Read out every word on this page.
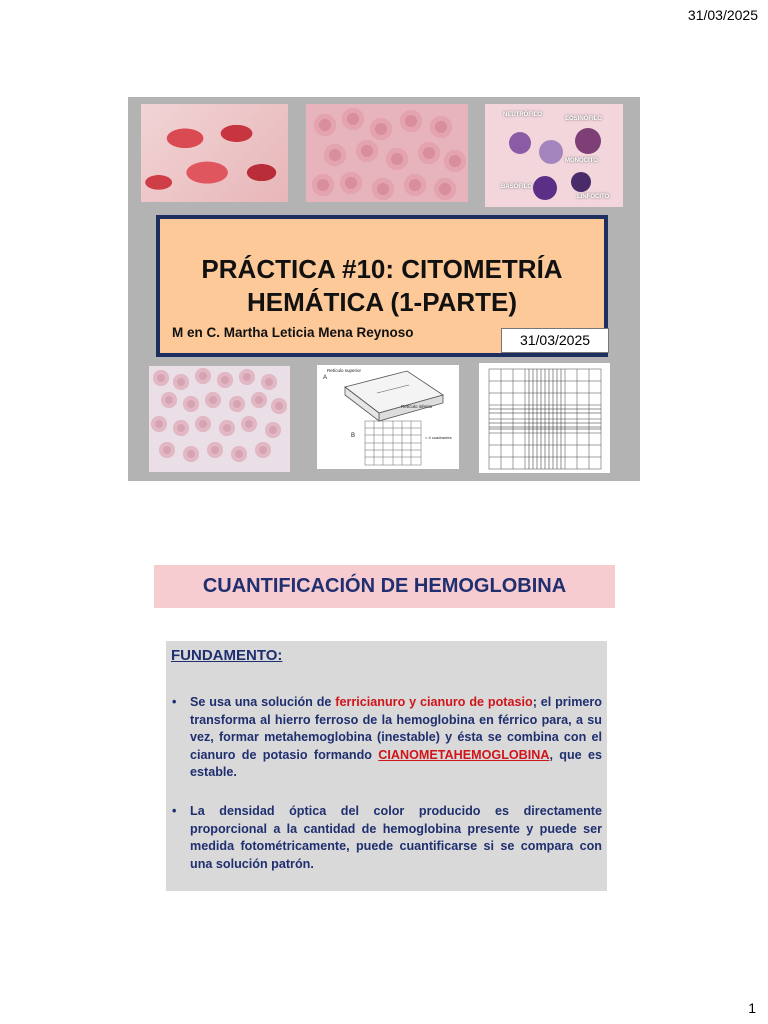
31/03/2025
NEUTRÓFILO
EOSINÓFILO
MONOCITO
BASÓFILO
LINFOCITO
PRÁCTICA #10: CITOMETRÍA
HEMÁTICA (1-PARTE)
M en C. Martha Leticia Mena Reynoso	31/03/2025
A
Retículo superior
Retículo inferior
B	= 4 cuadrantes
CUANTIFICACIÓN DE HEMOGLOBINA
FUNDAMENTO:
• Se usa una solución de ferricianuro y cianuro de potasio; el primero transforma al hierro ferroso de la hemoglobina en férrico para, a su vez, formar metahemoglobina (inestable) y ésta se combina con el cianuro de potasio formando CIANOMETAHEMOGLOBINA, que es estable.
• La densidad óptica del color producido es directamente proporcional a la cantidad de hemoglobina presente y puede ser medida fotométricamente, puede cuantificarse si se compara con una solución patrón.
1
